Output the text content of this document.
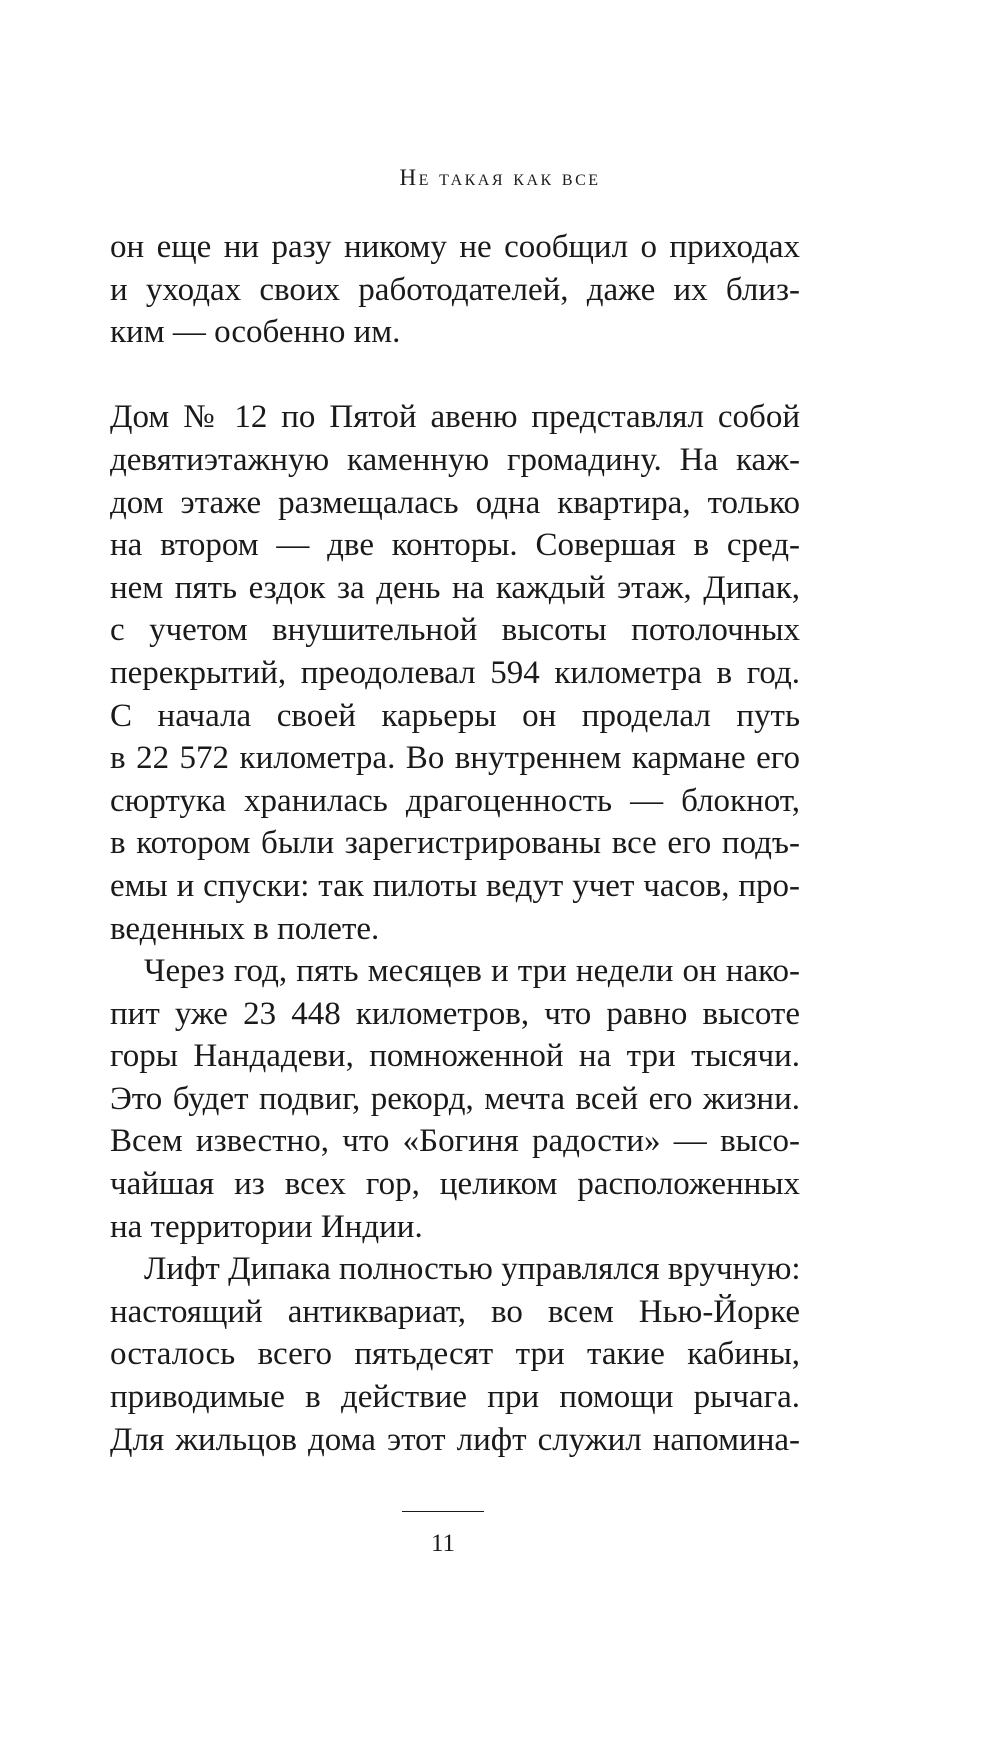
Не такая как все
он еще ни разу никому не сообщил о приходах
и уходах своих работодателей, даже их близ-
ким — особенно им.
Дом № 12 по Пятой авеню представлял собой
девятиэтажную каменную громадину. На каж-
дом этаже размещалась одна квартира, только
на втором — две конторы. Совершая в сред-
нем пять ездок за день на каждый этаж, Дипак,
с учетом внушительной высоты потолочных
перекрытий, преодолевал 594 километра в год.
С начала своей карьеры он проделал путь
в 22 572 километра. Во внутреннем кармане его
сюртука хранилась драгоценность — блокнот,
в котором были зарегистрированы все его подъ-
емы и спуски: так пилоты ведут учет часов, про-
веденных в полете.
Через год, пять месяцев и три недели он нако-
пит уже 23 448 километров, что равно высоте
горы Нандадеви, помноженной на три тысячи.
Это будет подвиг, рекорд, мечта всей его жизни.
Всем известно, что «Богиня радости» — высо-
чайшая из всех гор, целиком расположенных
на территории Индии.
Лифт Дипака полностью управлялся вручную:
настоящий антиквариат, во всем Нью-Йорке
осталось всего пятьдесят три такие кабины,
приводимые в действие при помощи рычага.
Для жильцов дома этот лифт служил напомина-
11
